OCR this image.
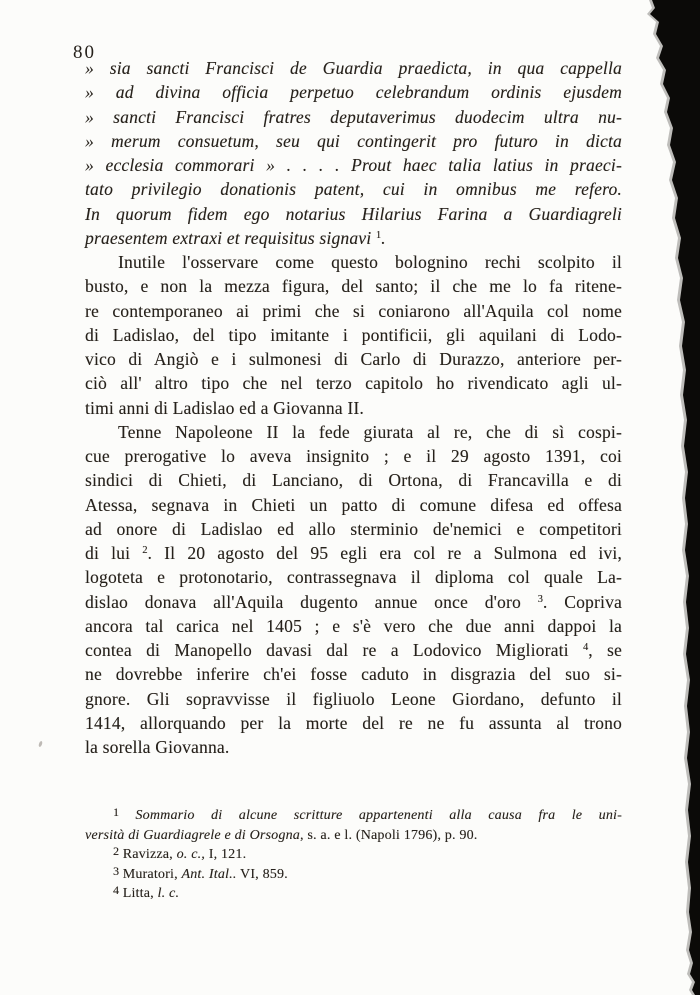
80
» sia sancti Francisci de Guardia praedicta, in qua cappella
» ad divina officia perpetuo celebrandum ordinis ejusdem
» sancti Francisci fratres deputaverimus duodecim ultra nu-
» merum consuetum, seu qui contingerit pro futuro in dicta
» ecclesia commorari » . . . . Prout haec talia latius in praeci-
tato privilegio donationis patent, cui in omnibus me refero.
In quorum fidem ego notarius Hilarius Farina a Guardiagreli
praesentem extraxi et requisitus signavi $^1$.
Inutile l'osservare come questo bolognino rechi scolpito il
busto, e non la mezza figura, del santo; il che me lo fa ritene-
re contemporaneo ai primi che si coniarono all'Aquila col nome
di Ladislao, del tipo imitante i pontificii, gli aquilani di Lodo-
vico di Angiò e i sulmonesi di Carlo di Durazzo, anteriore per-
ciò all' altro tipo che nel terzo capitolo ho rivendicato agli ul-
timi anni di Ladislao ed a Giovanna II.
Tenne Napoleone II la fede giurata al re, che di sì cospi-
cue prerogative lo aveva insignito ; e il 29 agosto 1391, coi
sindici di Chieti, di Lanciano, di Ortona, di Francavilla e di
Atessa, segnava in Chieti un patto di comune difesa ed offesa
ad onore di Ladislao ed allo sterminio de'nemici e competitori
di lui $^2$. Il 20 agosto del 95 egli era col re a Sulmona ed ivi,
logoteta e protonotario, contrassegnava il diploma col quale La-
dislao donava all'Aquila dugento annue once d'oro $^3$. Copriva
ancora tal carica nel 1405 ; e s'è vero che due anni dappoi la
contea di Manopello davasi dal re a Lodovico Migliorati $^4$, se
ne dovrebbe inferire ch'ei fosse caduto in disgrazia del suo si-
gnore. Gli sopravvisse il figliuolo Leone Giordano, defunto il
1414, allorquando per la morte del re ne fu assunta al trono
la sorella Giovanna.
1 Sommario di alcune scritture appartenenti alla causa fra le uni-
versità di Guardiagrele e di Orsogna, s. a. e l. (Napoli 1796), p. 90.
2 Ravizza, o. c., I, 121.
3 Muratori, Ant. Ital.. VI, 859.
4 Litta, l. c.
